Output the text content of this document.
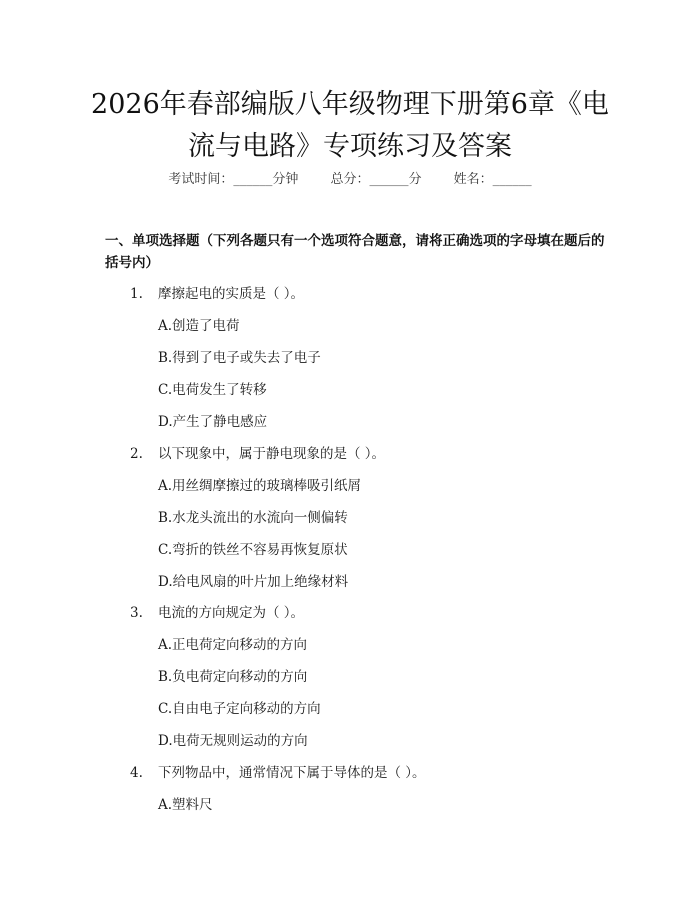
2026年春部编版八年级物理下册第6章《电
流与电路》专项练习及答案
考试时间：______分钟 总分：______分 姓名：______
一、单项选择题（下列各题只有一个选项符合题意，请将正确选项的字母填在题后的括号内）
1. 摩擦起电的实质是（ ）。
A.创造了电荷
B.得到了电子或失去了电子
C.电荷发生了转移
D.产生了静电感应
2. 以下现象中，属于静电现象的是（ ）。
A.用丝绸摩擦过的玻璃棒吸引纸屑
B.水龙头流出的水流向一侧偏转
C.弯折的铁丝不容易再恢复原状
D.给电风扇的叶片加上绝缘材料
3. 电流的方向规定为（ ）。
A.正电荷定向移动的方向
B.负电荷定向移动的方向
C.自由电子定向移动的方向
D.电荷无规则运动的方向
4. 下列物品中，通常情况下属于导体的是（ ）。
A.塑料尺
